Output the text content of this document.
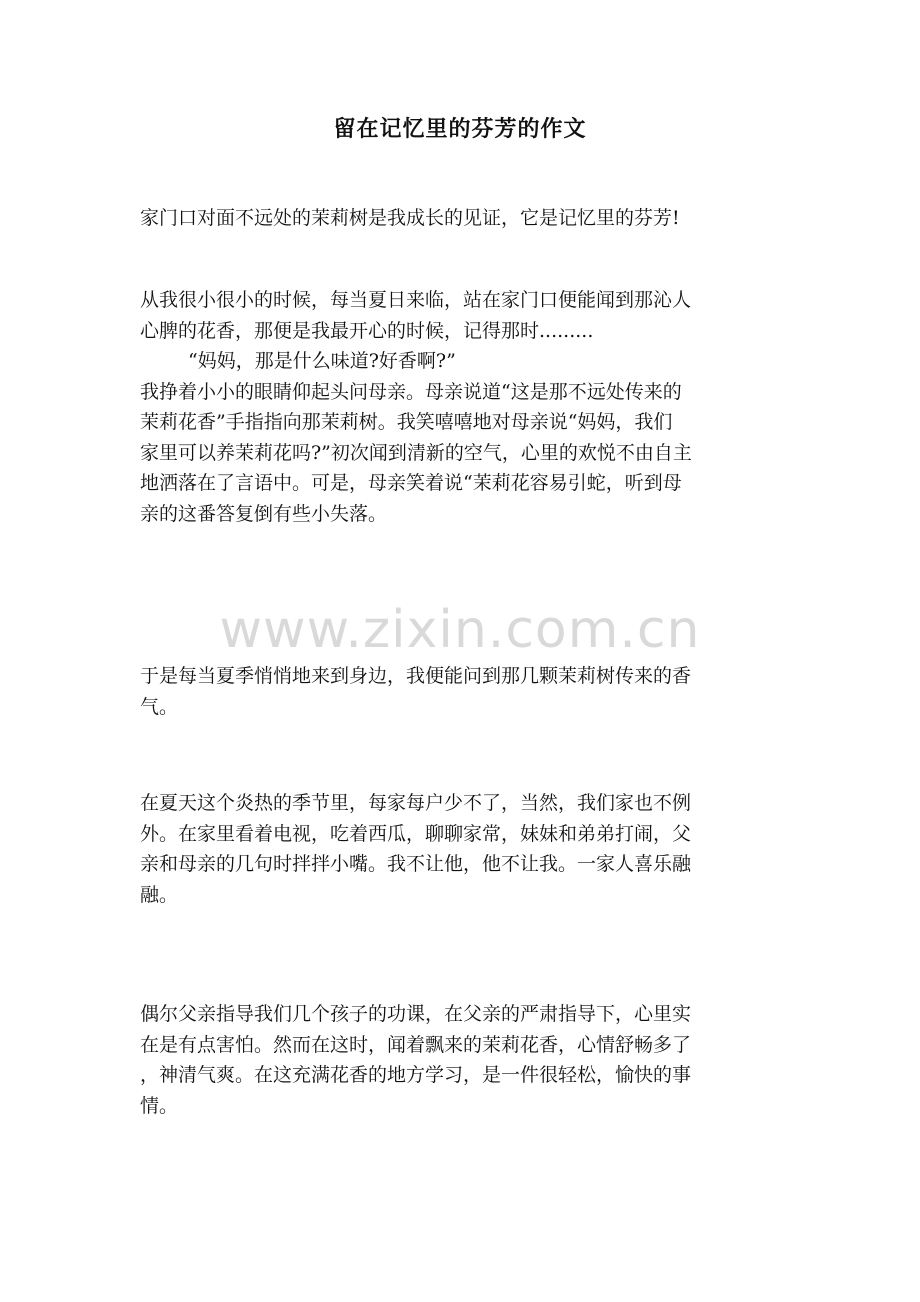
留在记忆里的芬芳的作文
家门口对面不远处的茉莉树是我成长的见证，它是记忆里的芬芳!
从我很小很小的时候，每当夏日来临，站在家门口便能闻到那沁人
心脾的花香，那便是我最开心的时候，记得那时.........
“妈妈，那是什么味道?好香啊?”
我挣着小小的眼睛仰起头问母亲。母亲说道“这是那不远处传来的
茉莉花香”手指指向那茉莉树。我笑嘻嘻地对母亲说“妈妈，我们
家里可以养茉莉花吗?”初次闻到清新的空气，心里的欢悦不由自主
地洒落在了言语中。可是，母亲笑着说“茉莉花容易引蛇，听到母
亲的这番答复倒有些小失落。
于是每当夏季悄悄地来到身边，我便能问到那几颗茉莉树传来的香
气。
在夏天这个炎热的季节里，每家每户少不了，当然，我们家也不例
外。在家里看着电视，吃着西瓜，聊聊家常，妹妹和弟弟打闹，父
亲和母亲的几句时拌拌小嘴。我不让他，他不让我。一家人喜乐融
融。
偶尔父亲指导我们几个孩子的功课，在父亲的严肃指导下，心里实
在是有点害怕。然而在这时，闻着飘来的茉莉花香，心情舒畅多了
，神清气爽。在这充满花香的地方学习，是一件很轻松，愉快的事
情。
www.zixin.com.cn
